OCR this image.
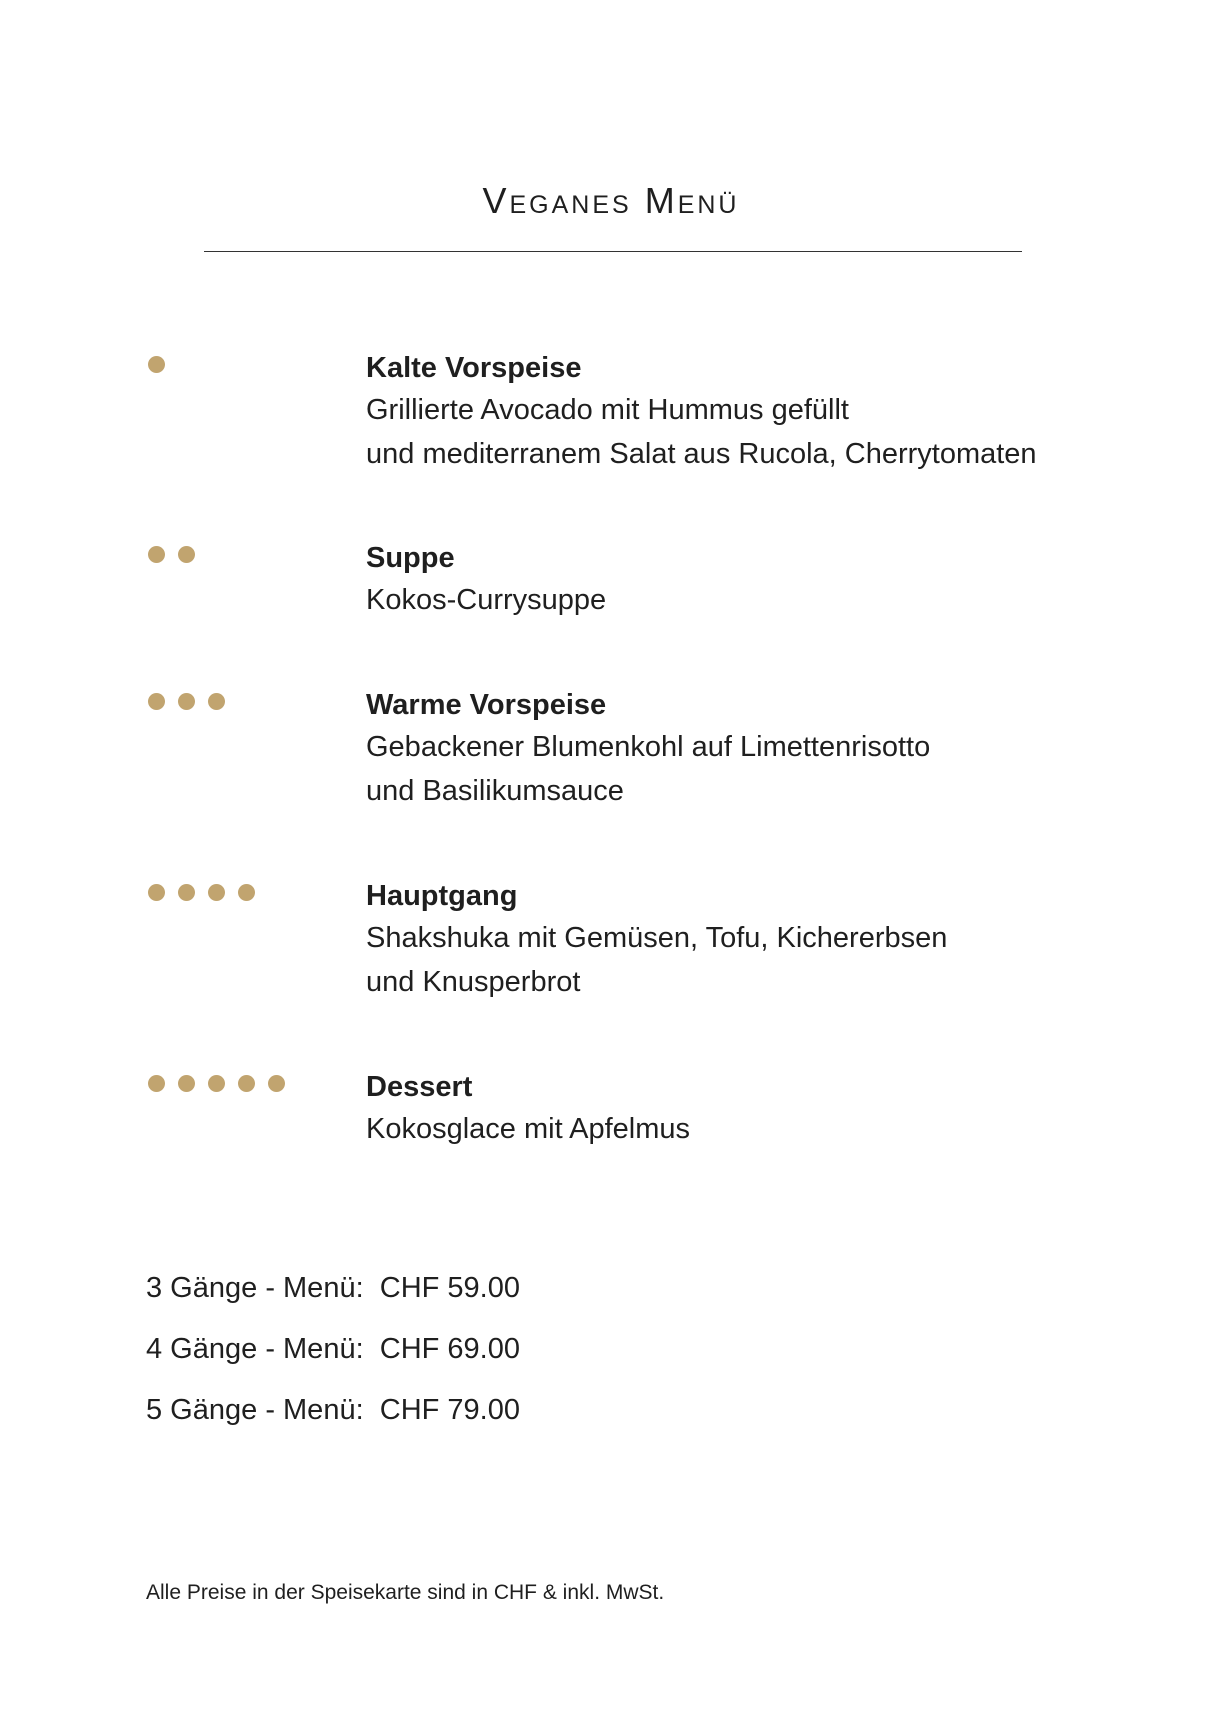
Veganes Menü
Kalte Vorspeise
Grillierte Avocado mit Hummus gefüllt
und mediterranem Salat aus Rucola, Cherrytomaten
Suppe
Kokos-Currysuppe
Warme Vorspeise
Gebackener Blumenkohl auf Limettenrisotto
und Basilikumsauce
Hauptgang
Shakshuka mit Gemüsen, Tofu, Kichererbsen
und Knusperbrot
Dessert
Kokosglace mit Apfelmus
3 Gänge - Menü: CHF 59.00
4 Gänge - Menü: CHF 69.00
5 Gänge - Menü: CHF 79.00
Alle Preise in der Speisekarte sind in CHF & inkl. MwSt.
